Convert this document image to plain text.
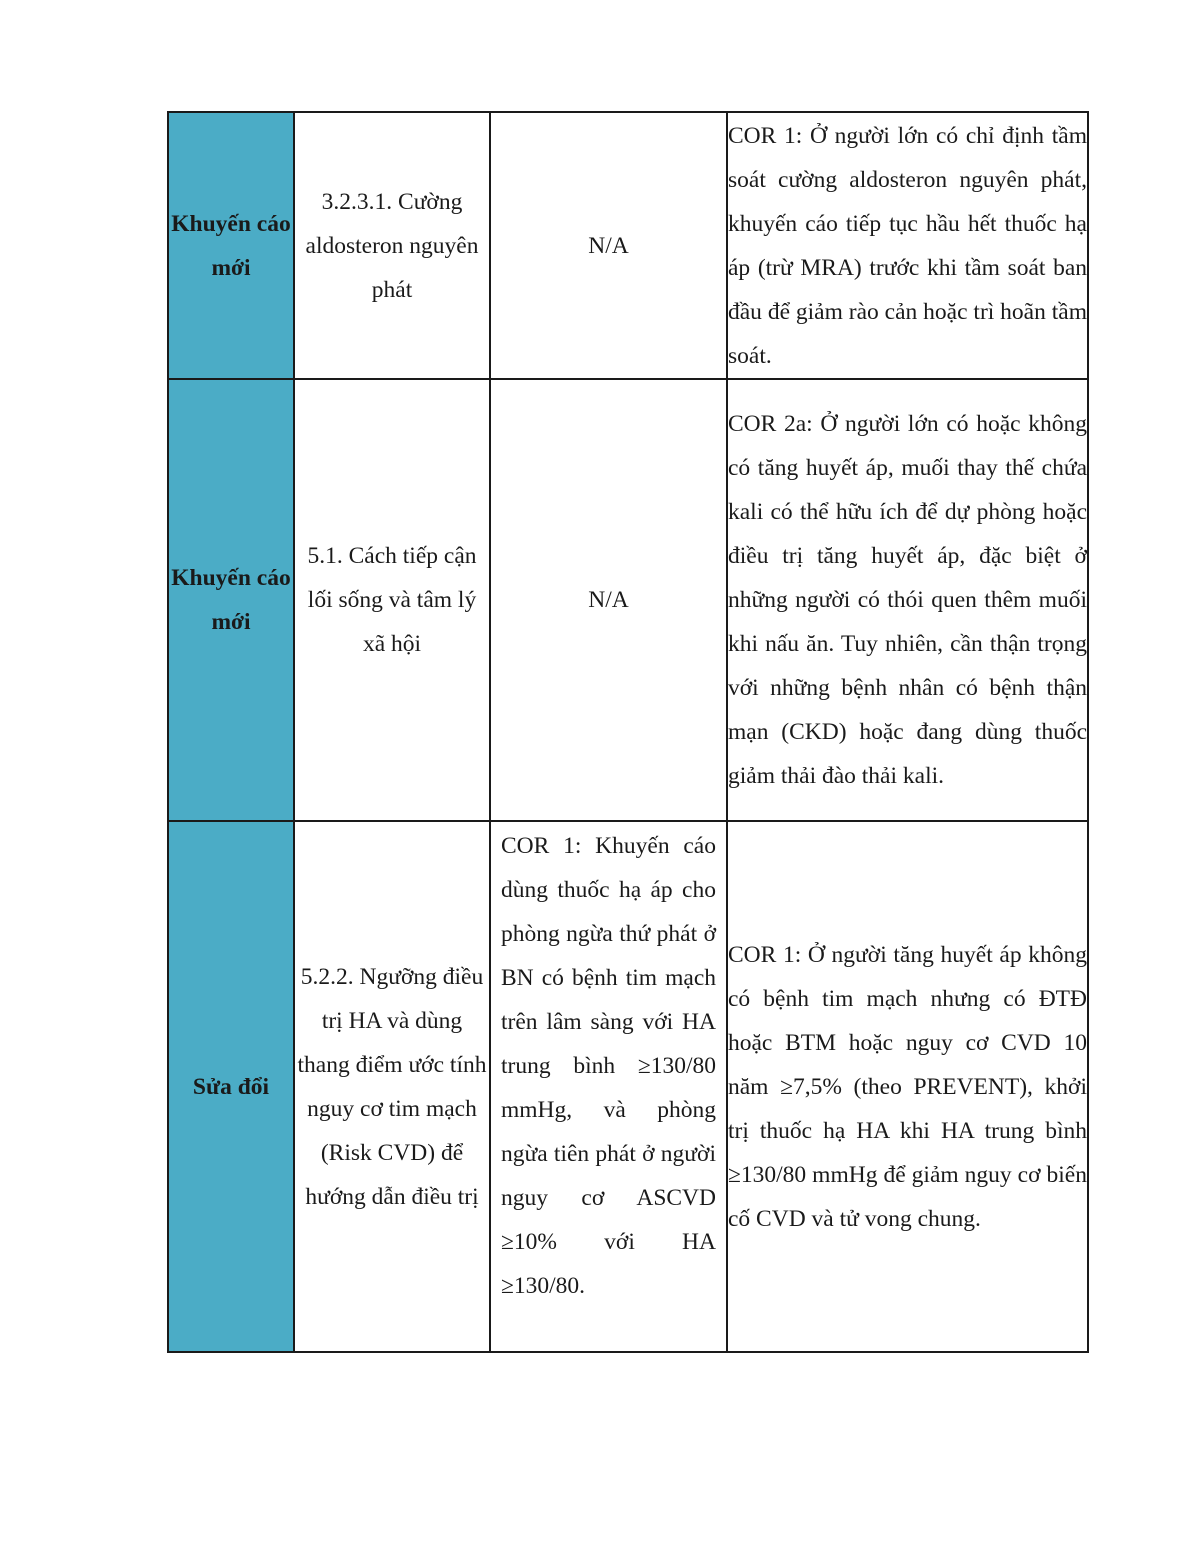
Khuyến cáo mới	3.2.3.1. Cường aldosteron nguyên phát	N/A	COR 1: Ở người lớn có chỉ định tầm soát cường aldosteron nguyên phát, khuyến cáo tiếp tục hầu hết thuốc hạ áp (trừ MRA) trước khi tầm soát ban đầu để giảm rào cản hoặc trì hoãn tầm soát.

Khuyến cáo mới	5.1. Cách tiếp cận lối sống và tâm lý xã hội	N/A	COR 2a: Ở người lớn có hoặc không có tăng huyết áp, muối thay thế chứa kali có thể hữu ích để dự phòng hoặc điều trị tăng huyết áp, đặc biệt ở những người có thói quen thêm muối khi nấu ăn. Tuy nhiên, cần thận trọng với những bệnh nhân có bệnh thận mạn (CKD) hoặc đang dùng thuốc giảm thải đào thải kali.

Sửa đổi	5.2.2. Ngưỡng điều trị HA và dùng thang điểm ước tính nguy cơ tim mạch (Risk CVD) để hướng dẫn điều trị	COR 1: Khuyến cáo dùng thuốc hạ áp cho phòng ngừa thứ phát ở BN có bệnh tim mạch trên lâm sàng với HA trung bình ≥130/80 mmHg, và phòng ngừa tiên phát ở người nguy cơ ASCVD ≥10% với HA ≥130/80.	COR 1: Ở người tăng huyết áp không có bệnh tim mạch nhưng có ĐTĐ hoặc BTM hoặc nguy cơ CVD 10 năm ≥7,5% (theo PREVENT), khởi trị thuốc hạ HA khi HA trung bình ≥130/80 mmHg để giảm nguy cơ biến cố CVD và tử vong chung.
